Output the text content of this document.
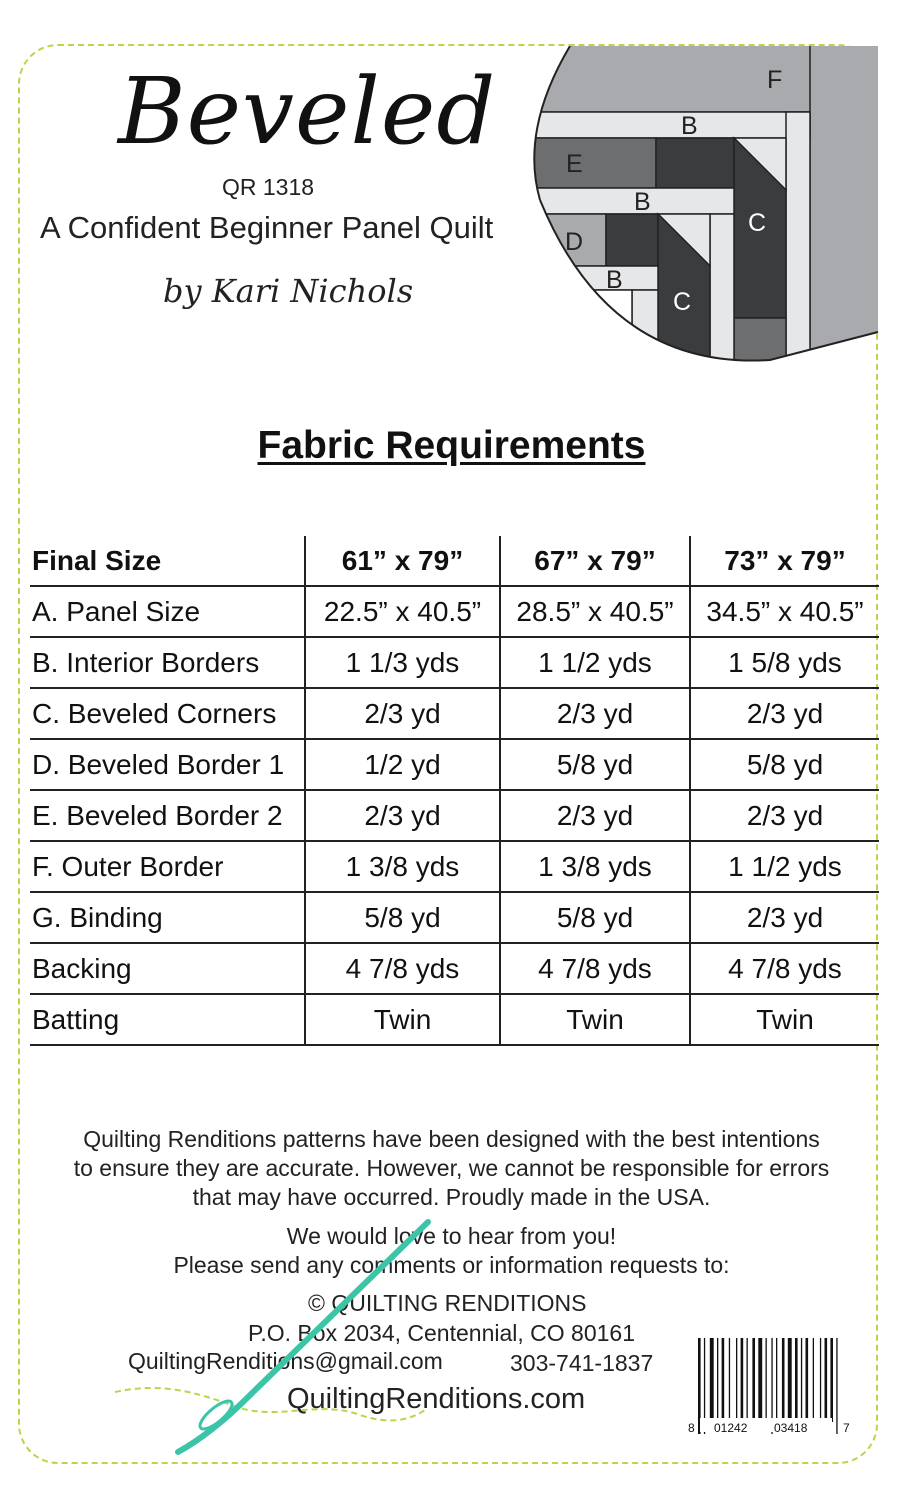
Beveled
QR 1318
A Confident Beginner Panel Quilt
by Kari Nichols
F
B
E
B
C
D
B
C
Fabric Requirements
Final Size	61” x 79”	67” x 79”	73” x 79”
A. Panel Size	22.5” x 40.5”	28.5” x 40.5”	34.5” x 40.5”
B. Interior Borders	1 1/3 yds	1 1/2 yds	1 5/8 yds
C. Beveled Corners	2/3 yd	2/3 yd	2/3 yd
D. Beveled Border 1	1/2 yd	5/8 yd	5/8 yd
E. Beveled Border 2	2/3 yd	2/3 yd	2/3 yd
F. Outer Border	1 3/8 yds	1 3/8 yds	1 1/2 yds
G. Binding	5/8 yd	5/8 yd	2/3 yd
Backing	4 7/8 yds	4 7/8 yds	4 7/8 yds
Batting	Twin	Twin	Twin
Quilting Renditions patterns have been designed with the best intentions
to ensure they are accurate. However, we cannot be responsible for errors
that may have occurred. Proudly made in the USA.
We would love to hear from you!
Please send any comments or information requests to:
© QUILTING RENDITIONS
P.O. Box 2034, Centennial, CO 80161
QuiltingRenditions@gmail.com	303-741-1837
QuiltingRenditions.com
8 01242 03418	7
